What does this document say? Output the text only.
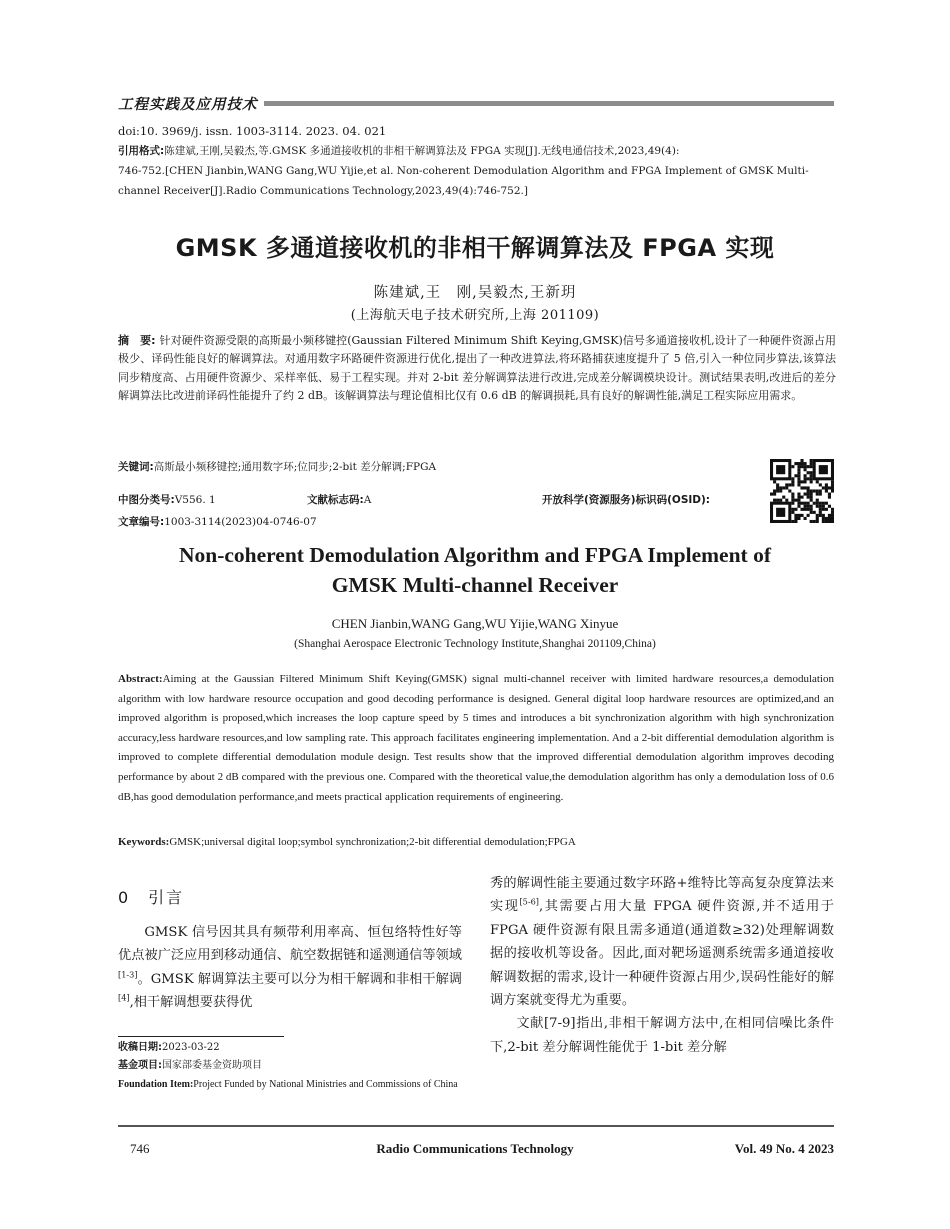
工程实践及应用技术
doi:10. 3969/j. issn. 1003-3114. 2023. 04. 021
引用格式:陈建斌,王刚,吴毅杰,等.GMSK 多通道接收机的非相干解调算法及 FPGA 实现[J].无线电通信技术,2023,49(4):
746-752.[CHEN Jianbin,WANG Gang,WU Yijie,et al. Non-coherent Demodulation Algorithm and FPGA Implement of GMSK Multi-
channel Receiver[J].Radio Communications Technology,2023,49(4):746-752.]
GMSK 多通道接收机的非相干解调算法及 FPGA 实现
陈建斌,王　刚,吴毅杰,王新玥
(上海航天电子技术研究所,上海 201109)
摘　要: 针对硬件资源受限的高斯最小频移键控(Gaussian Filtered Minimum Shift Keying,GMSK)信号多通道接收机,设计了一种硬件资源占用极少、译码性能良好的解调算法。对通用数字环路硬件资源进行优化,提出了一种改进算法,将环路捕获速度提升了 5 倍,引入一种位同步算法,该算法同步精度高、占用硬件资源少、采样率低、易于工程实现。并对 2-bit 差分解调算法进行改进,完成差分解调模块设计。测试结果表明,改进后的差分解调算法比改进前译码性能提升了约 2 dB。该解调算法与理论值相比仅有 0.6 dB 的解调损耗,具有良好的解调性能,满足工程实际应用需求。
关键词:高斯最小频移键控;通用数字环;位同步;2-bit 差分解调;FPGA
中图分类号:V556. 1	文献标志码:A	开放科学(资源服务)标识码(OSID):
文章编号:1003-3114(2023)04-0746-07
Non-coherent Demodulation Algorithm and FPGA Implement of
GMSK Multi-channel Receiver
CHEN Jianbin,WANG Gang,WU Yijie,WANG Xinyue
(Shanghai Aerospace Electronic Technology Institute,Shanghai 201109,China)
Abstract:Aiming at the Gaussian Filtered Minimum Shift Keying(GMSK) signal multi-channel receiver with limited hardware resources,a demodulation algorithm with low hardware resource occupation and good decoding performance is designed. General digital loop hardware resources are optimized,and an improved algorithm is proposed,which increases the loop capture speed by 5 times and introduces a bit synchronization algorithm with high synchronization accuracy,less hardware resources,and low sampling rate. This approach facilitates engineering implementation. And a 2-bit differential demodulation algorithm is improved to complete differential demodulation module design. Test results show that the improved differential demodulation algorithm improves decoding performance by about 2 dB compared with the previous one. Compared with the theoretical value,the demodulation algorithm has only a demodulation loss of 0.6 dB,has good demodulation performance,and meets practical application requirements of engineering.
Keywords:GMSK;universal digital loop;symbol synchronization;2-bit differential demodulation;FPGA
0　引言

GMSK 信号因其具有频带利用率高、恒包络特性好等优点被广泛应用到移动通信、航空数据链和遥测通信等领域[1-3]。GMSK 解调算法主要可以分为相干解调和非相干解调[4],相干解调想要获得优

收稿日期:2023-03-22
基金项目:国家部委基金资助项目
Foundation Item:Project Funded by National Ministries and Commissions of China

秀的解调性能主要通过数字环路+维特比等高复杂度算法来实现[5-6],其需要占用大量 FPGA 硬件资源,并不适用于 FPGA 硬件资源有限且需多通道(通道数≥32)处理解调数据的接收机等设备。因此,面对靶场遥测系统需多通道接收解调数据的需求,设计一种硬件资源占用少,误码性能好的解调方案就变得尤为重要。

文献[7-9]指出,非相干解调方法中,在相同信噪比条件下,2-bit 差分解调性能优于 1-bit 差分解

746	Radio Communications Technology	Vol. 49 No. 4 2023
